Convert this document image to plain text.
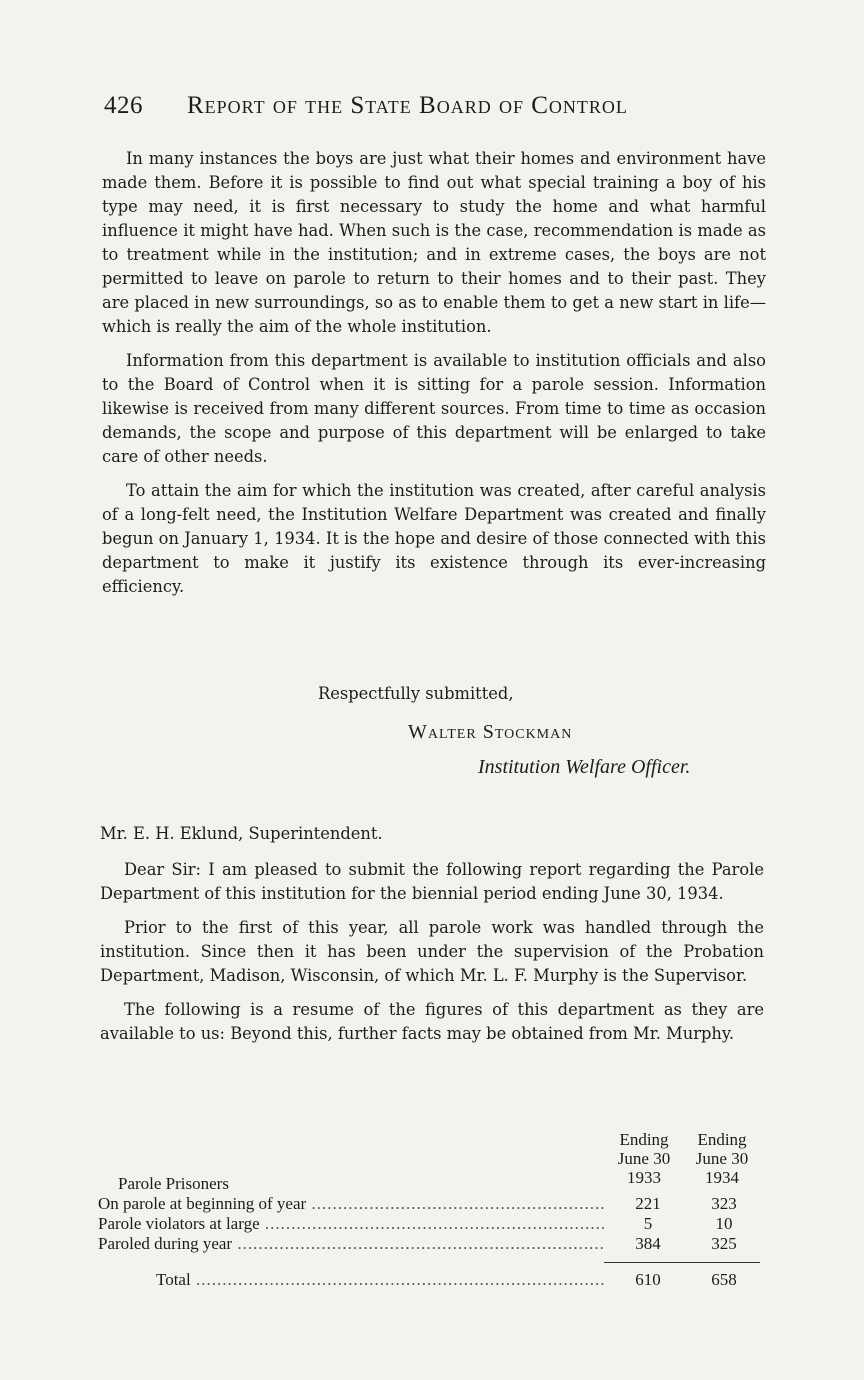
426 Report of the State Board of Control

In many instances the boys are just what their homes and environment have made them. Before it is possible to find out what special training a boy of his type may need, it is first necessary to study the home and what harmful influence it might have had. When such is the case, recommendation is made as to treatment while in the institution; and in extreme cases, the boys are not permitted to leave on parole to return to their homes and to their past. They are placed in new surroundings, so as to enable them to get a new start in life—which is really the aim of the whole institution.

Information from this department is available to institution officials and also to the Board of Control when it is sitting for a parole session. Information likewise is received from many different sources. From time to time as occasion demands, the scope and purpose of this department will be enlarged to take care of other needs.

To attain the aim for which the institution was created, after careful analysis of a long-felt need, the Institution Welfare Department was created and finally begun on January 1, 1934. It is the hope and desire of those connected with this department to make it justify its existence through its ever-increasing efficiency.

Respectfully submitted,
Walter Stockman
Institution Welfare Officer.

Mr. E. H. Eklund, Superintendent.

Dear Sir: I am pleased to submit the following report regarding the Parole Department of this institution for the biennial period ending June 30, 1934.

Prior to the first of this year, all parole work was handled through the institution. Since then it has been under the supervision of the Probation Department, Madison, Wisconsin, of which Mr. L. F. Murphy is the Supervisor.

The following is a resume of the figures of this department as they are available to us: Beyond this, further facts may be obtained from Mr. Murphy.

Ending
June 30
1933
Ending
June 30
1934
Parole Prisoners
On parole at beginning of year .....	221	323
Parole violators at large .....	5	10
Paroled during year .....	384	325
Total .....	610	658
